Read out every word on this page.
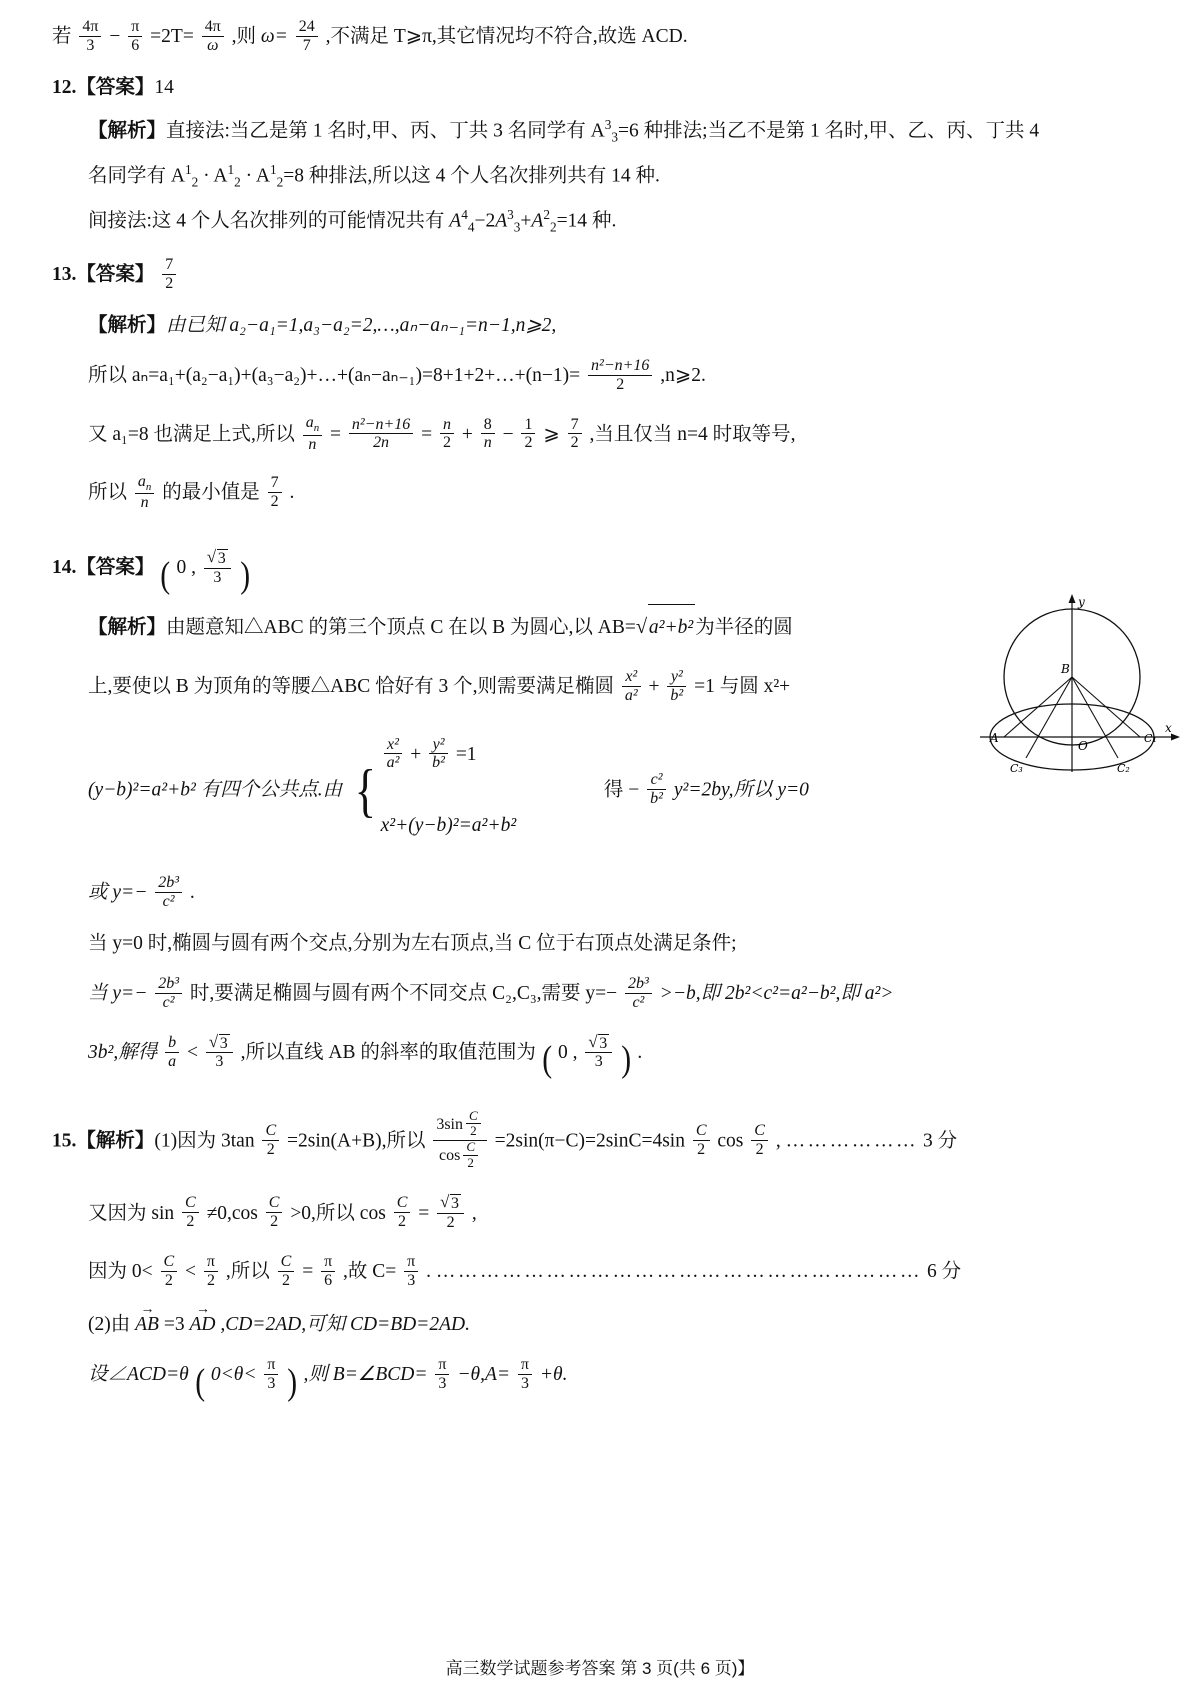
若 $\frac{4\pi}{3} - \frac{\pi}{6} =2T= \frac{4\pi}{\omega}$ ,则 $\omega= \frac{24}{7}$ ,不满足 T⩾π,其它情况均不符合,故选 ACD.
12.【答案】14
【解析】直接法:当乙是第 1 名时,甲、丙、丁共 3 名同学有 $A^3_3=6$ 种排法;当乙不是第 1 名时,甲、乙、丙、丁共 4
名同学有 $A^1_2 \cdot A^1_2 \cdot A^1_2=8$ 种排法,所以这 4 个人名次排列共有 14 种.
间接法:这 4 个人名次排列的可能情况共有 $A^4_4-2A^3_3+A^2_2=14$ 种.
13.【答案】 $\frac{7}{2}$
【解析】由已知 a₂−a₁=1,a₃−a₂=2,…,aₙ−aₙ₋₁=n−1,n⩾2,
所以 aₙ=a₁+(a₂−a₁)+(a₃−a₂)+…+(aₙ−aₙ₋₁)=8+1+2+…+(n−1)= $\frac{\text{n²−n+16}}{2}$ ,n⩾2.
又 a₁=8 也满足上式,所以 $\frac{a_n}{n} = \frac{\text{n²−n+16}}{2n} = \frac{n}{2} + \frac{8}{n} - \frac{1}{2}$ ⩾ $\frac{7}{2}$ ,当且仅当 n=4 时取等号,
所以 $\frac{a_n}{n}$ 的最小值是 $\frac{7}{2}$ .
14.【答案】 ( 0 , √ $\frac{3}{3}$ )
【解析】由题意知△ABC 的第三个顶点 C 在以 B 为圆心,以 AB= √ a²+b² 为半径的圆
上,要使以 B 为顶角的等腰△ABC 恰好有 3 个,则需要满足椭圆 $\frac{\text{x²}}{\text{a²}} + \frac{\text{y²}}{\text{b²}} =1$ 与圆 x²+
(y−b)²=a²+b² 有四个公共点.由 {
$\frac{\text{x²}}{\text{a²}} + \frac{\text{y²}}{\text{b²}} =1$
x²+(y−b)²=a²+b²
得 − $\frac{\text{c²}}{\text{b²}} y^2=2by$,所以 y=0
或 $y=- \frac{\text{2b³}}{\text{c²}}$ .
当 y=0 时,椭圆与圆有两个交点,分别为左右顶点,当 C 位于右顶点处满足条件;
当 $y=- \frac{\text{2b³}}{\text{c²}}$ 时,要满足椭圆与圆有两个不同交点 C₂,C₃,需要 $y=- \frac{\text{2b³}}{\text{c²}} >-b$,即 2b²<c²=a²−b²,即 a²>
3b²,解得 $\frac{b}{a}$ < √ $\frac{3}{3}$ ,所以直线 AB 的斜率的取值范围为 ( 0 , √ $\frac{3}{3}$ ) .
15.【解析】(1)因为 $3\tan \frac{C}{2} =2\sin(A+B)$,所以 $\frac{3\sin \frac{C}{2}}{\cos \frac{C}{2}} =2\sin(\pi-C)=2\sin C=4\sin \frac{C}{2}$ $\cos \frac{C}{2}$ , ……………… 3 分
又因为 $\sin \frac{C}{2} \ne 0,\cos \frac{C}{2} >0$,所以 $\cos \frac{C}{2}$ = √ $\frac{3}{2}$ ,
因为 $0< \frac{C}{2} < \frac{\pi}{2}$ ,所以 $\frac{C}{2} = \frac{\pi}{6}$ ,故 $C= \frac{\pi}{3}$ . ………………………………………………………… 6 分
(2)由 AB → =3 AD → ,CD=2AD,可知 CD=BD=2AD.
设∠ACD=θ ( $0<\theta< \frac{\pi}{3}$ ) ,则 B=∠BCD= $\frac{\pi}{3} -\theta,A= \frac{\pi}{3} +\theta$.
y
x
B
O
A	C₁
C₂
C₃
高三数学试题参考答案 第 3 页(共 6 页)】
